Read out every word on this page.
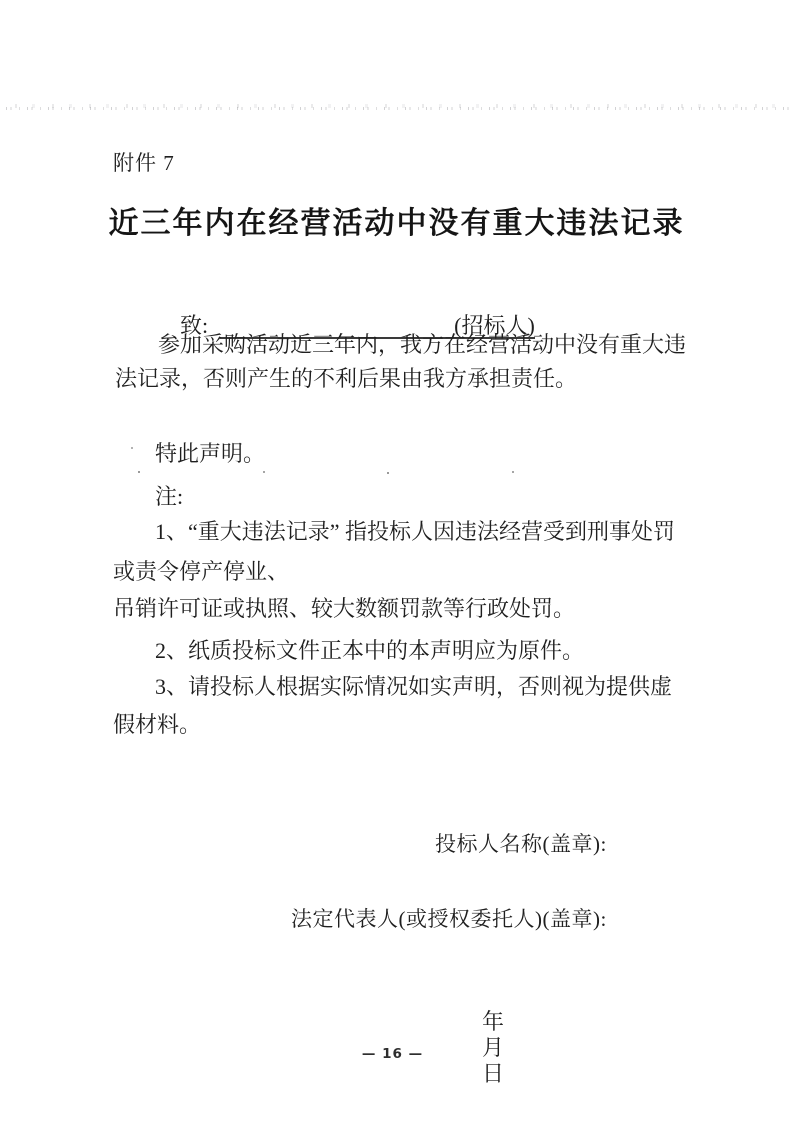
附件 7
近三年内在经营活动中没有重大违法记录

致:	(招标人)

参加采购活动近三年内，我方在经营活动中没有重大违
法记录，否则产生的不利后果由我方承担责任。
特此声明。
注:
1、“重大违法记录” 指投标人因违法经营受到刑事处罚
或责令停产停业、
吊销许可证或执照、较大数额罚款等行政处罚。
2、纸质投标文件正本中的本声明应为原件。
3、请投标人根据实际情况如实声明，否则视为提供虚
假材料。
投标人名称(盖章):
法定代表人(或授权委托人)(盖章):

年
月
日

— 16 —
